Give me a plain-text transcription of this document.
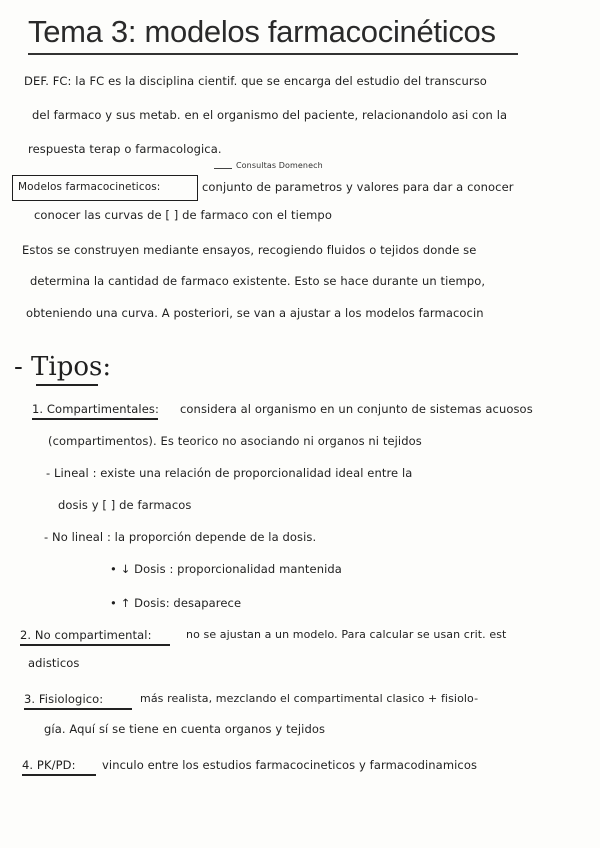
Tema 3: modelos farmacocinéticos
DEF. FC: la FC es la disciplina cientif. que se encarga del estudio del transcurso
del farmaco y sus metab. en el organismo del paciente, relacionandolo asi con la
respuesta terap o farmacologica.
Consultas Domenech
Modelos farmacocineticos:	conjunto de parametros y valores para dar a conocer
conocer las curvas de [ ] de farmaco con el tiempo
Estos se construyen mediante ensayos, recogiendo fluidos o tejidos donde se
determina la cantidad de farmaco existente. Esto se hace durante un tiempo,
obteniendo una curva. A posteriori, se van a ajustar a los modelos farmacocin
- Tipos:
1. Compartimentales: considera al organismo en un conjunto de sistemas acuosos
(compartimentos). Es teorico no asociando ni organos ni tejidos
- Lineal : existe una relación de proporcionalidad ideal entre la
dosis y [ ] de farmacos
- No lineal : la proporción depende de la dosis.
• ↓ Dosis : proporcionalidad mantenida
• ↑ Dosis: desaparece
2. No compartimental:	no se ajustan a un modelo. Para calcular se usan crit. est
adisticos
3. Fisiologico:	más realista, mezclando el compartimental clasico + fisiolo-
gía. Aquí sí se tiene en cuenta organos y tejidos
4. PK/PD: vinculo entre los estudios farmacocineticos y farmacodinamicos
